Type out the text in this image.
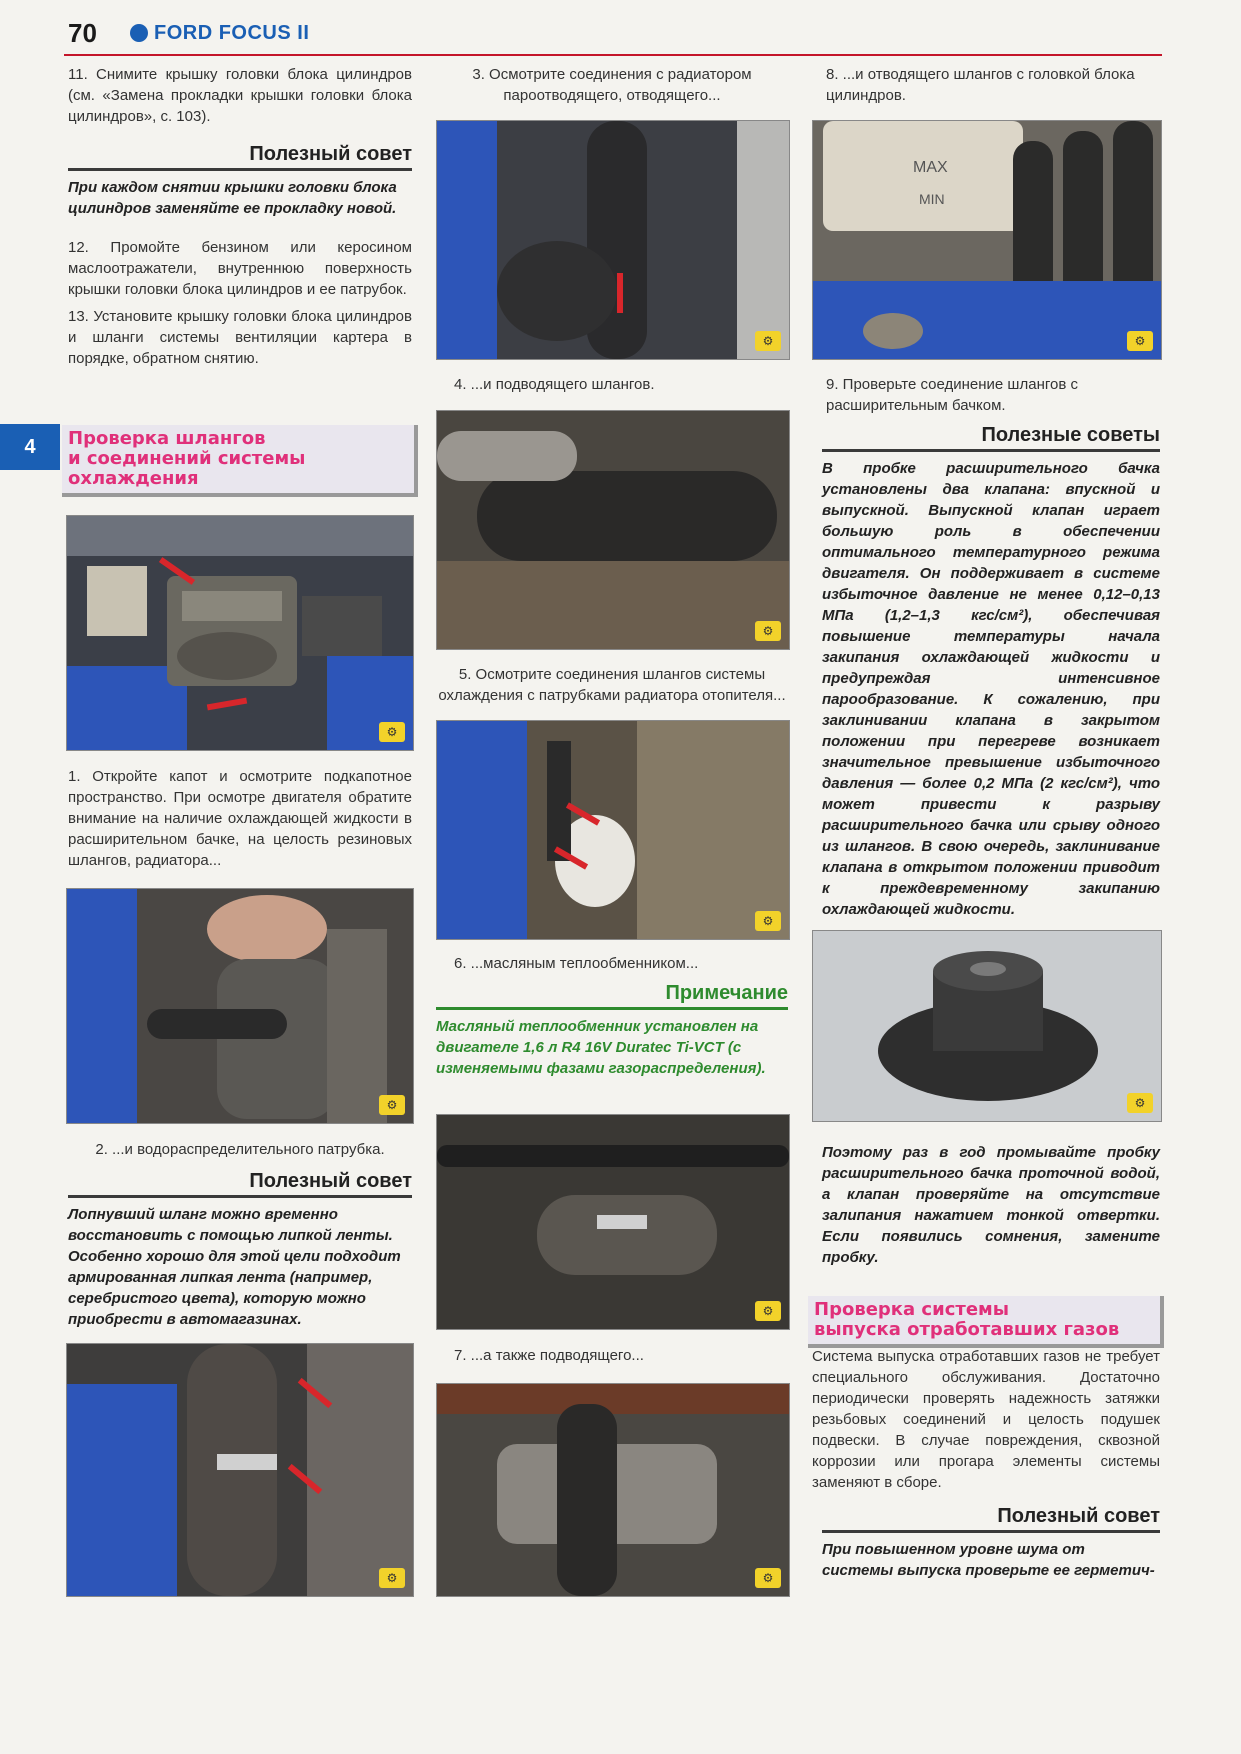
70	FORD FOCUS II
4

11. Снимите крышку головки блока цилиндров (см. «Замена прокладки крышки головки блока цилиндров», с. 103).

Полезный совет

При каждом снятии крышки головки блока цилиндров заменяйте ее прокладку новой.

12. Промойте бензином или керосином маслоотражатели, внутреннюю поверхность крышки головки блока цилиндров и ее патрубок.

13. Установите крышку головки блока цилиндров и шланги системы вентиляции картера в порядке, обратном снятию.

Проверка шлангов
и соединений системы
охлаждения
⚙

1. Откройте капот и осмотрите подкапотное пространство. При осмотре двигателя обратите внимание на наличие охлаждающей жидкости в расширительном бачке, на целость резиновых шлангов, радиатора...

⚙

2. ...и водораспределительного патрубка.

Полезный совет

Лопнувший шланг можно временно восстановить с помощью липкой ленты. Особенно хорошо для этой цели подходит армированная липкая лента (например, серебристого цвета), которую можно приобрести в автомагазинах.

⚙

3. Осмотрите соединения с радиатором пароотводящего, отводящего...

⚙

4. ...и подводящего шлангов.

⚙

5. Осмотрите соединения шлангов системы охлаждения с патрубками радиатора отопителя...

⚙

6. ...масляным теплообменником...

Примечание

Масляный теплообменник установлен на двигателе 1,6 л R4 16V Duratec Ti-VCT (с изменяемыми фазами газораспределения).

⚙

7. ...а также подводящего...

⚙

8. ...и отводящего шлангов с головкой блока цилиндров.

MAX
MIN
⚙

9. Проверьте соединение шлангов с расширительным бачком.

Полезные советы

В пробке расширительного бачка установлены два клапана: впускной и выпускной. Выпускной клапан играет большую роль в обеспечении оптимального температурного режима двигателя. Он поддерживает в системе избыточное давление не менее 0,12–0,13 МПа (1,2–1,3 кгс/см²), обеспечивая повышение температуры начала закипания охлаждающей жидкости и предупреждая интенсивное парообразование. К сожалению, при заклинивании клапана в закрытом положении при перегреве возникает значительное превышение избыточного давления — более 0,2 МПа (2 кгс/см²), что может привести к разрыву расширительного бачка или срыву одного из шлангов. В свою очередь, заклинивание клапана в открытом положении приводит к преждевременному закипанию охлаждающей жидкости.

⚙

Поэтому раз в год промывайте пробку расширительного бачка проточной водой, а клапан проверяйте на отсутствие залипания нажатием тонкой отвертки. Если появились сомнения, замените пробку.

Проверка системы
выпуска отработавших газов

Система выпуска отработавших газов не требует специального обслуживания. Достаточно периодически проверять надежность затяжки резьбовых соединений и целость подушек подвески. В случае повреждения, сквозной коррозии или прогара элементы системы заменяют в сборе.

Полезный совет

При повышенном уровне шума от системы выпуска проверьте ее герметич-
